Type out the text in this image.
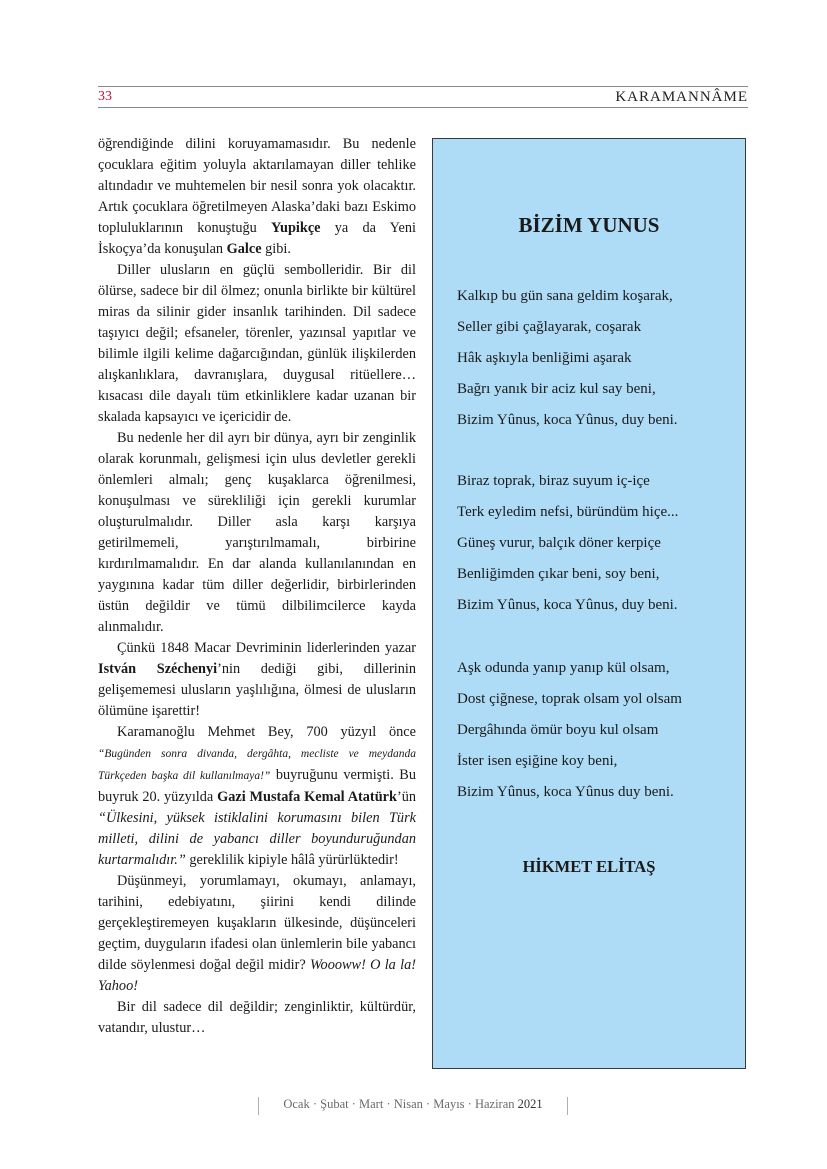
33	KARAMANNÂME

öğrendiğinde dilini koruyamamasıdır. Bu nedenle çocuklara eğitim yoluyla aktarılamayan diller tehlike altındadır ve muhtemelen bir nesil sonra yok olacaktır. Artık çocuklara öğretilmeyen Alaska’daki bazı Eskimo topluluklarının konuştuğu Yupikçe ya da Yeni İskoçya’da konuşulan Galce gibi.

Diller ulusların en güçlü sembolleridir. Bir dil ölürse, sadece bir dil ölmez; onunla birlikte bir kültürel miras da silinir gider insanlık tarihinden. Dil sadece taşıyıcı değil; efsaneler, törenler, yazınsal yapıtlar ve bilimle ilgili kelime dağarcığından, günlük ilişkilerden alışkanlıklara, davranışlara, duygusal ritüellere… kısacası dile dayalı tüm etkinliklere kadar uzanan bir skalada kapsayıcı ve içericidir de.

Bu nedenle her dil ayrı bir dünya, ayrı bir zenginlik olarak korunmalı, gelişmesi için ulus devletler gerekli önlemleri almalı; genç kuşaklarca öğrenilmesi, konuşulması ve sürekliliği için gerekli kurumlar oluşturulmalıdır. Diller asla karşı karşıya getirilmemeli, yarıştırılmamalı, birbirine kırdırılmamalıdır. En dar alanda kullanılanından en yaygınına kadar tüm diller değerlidir, birbirlerinden üstün değildir ve tümü dilbilimcilerce kayda alınmalıdır.

Çünkü 1848 Macar Devriminin liderlerinden yazar István Széchenyi’nin dediği gibi, dillerinin gelişememesi ulusların yaşlılığına, ölmesi de ulusların ölümüne işarettir!

Karamanoğlu Mehmet Bey, 700 yüzyıl önce “Bugünden sonra divanda, dergâhta, mecliste ve meydanda Türkçeden başka dil kullanılmaya!” buyruğunu vermişti. Bu buyruk 20. yüzyılda Gazi Mustafa Kemal Atatürk’ün “Ülkesini, yüksek istiklalini korumasını bilen Türk milleti, dilini de yabancı diller boyunduruğundan kurtarmalıdır.” gereklilik kipiyle hâlâ yürürlüktedir!

Düşünmeyi, yorumlamayı, okumayı, anlamayı, tarihini, edebiyatını, şiirini kendi dilinde gerçekleştiremeyen kuşakların ülkesinde, düşünceleri geçtim, duyguların ifadesi olan ünlemlerin bile yabancı dilde söylenmesi doğal değil midir? Woooww! O la la! Yahoo!

Bir dil sadece dil değildir; zenginliktir, kültürdür, vatandır, ulustur…

BİZİM YUNUS
Kalkıp bu gün sana geldim koşarak,
Seller gibi çağlayarak, coşarak
Hâk aşkıyla benliğimi aşarak
Bağrı yanık bir aciz kul say beni,
Bizim Yûnus, koca Yûnus, duy beni.
Biraz toprak, biraz suyum iç-içe
Terk eyledim nefsi, büründüm hiçe...
Güneş vurur, balçık döner kerpiçe
Benliğimden çıkar beni, soy beni,
Bizim Yûnus, koca Yûnus, duy beni.
Aşk odunda yanıp yanıp kül olsam,
Dost çiğnese, toprak olsam yol olsam
Dergâhında ömür boyu kul olsam
İster isen eşiğine koy beni,
Bizim Yûnus, koca Yûnus duy beni.
HİKMET ELİTAŞ
Ocak · Şubat · Mart · Nisan · Mayıs · Haziran 2021
